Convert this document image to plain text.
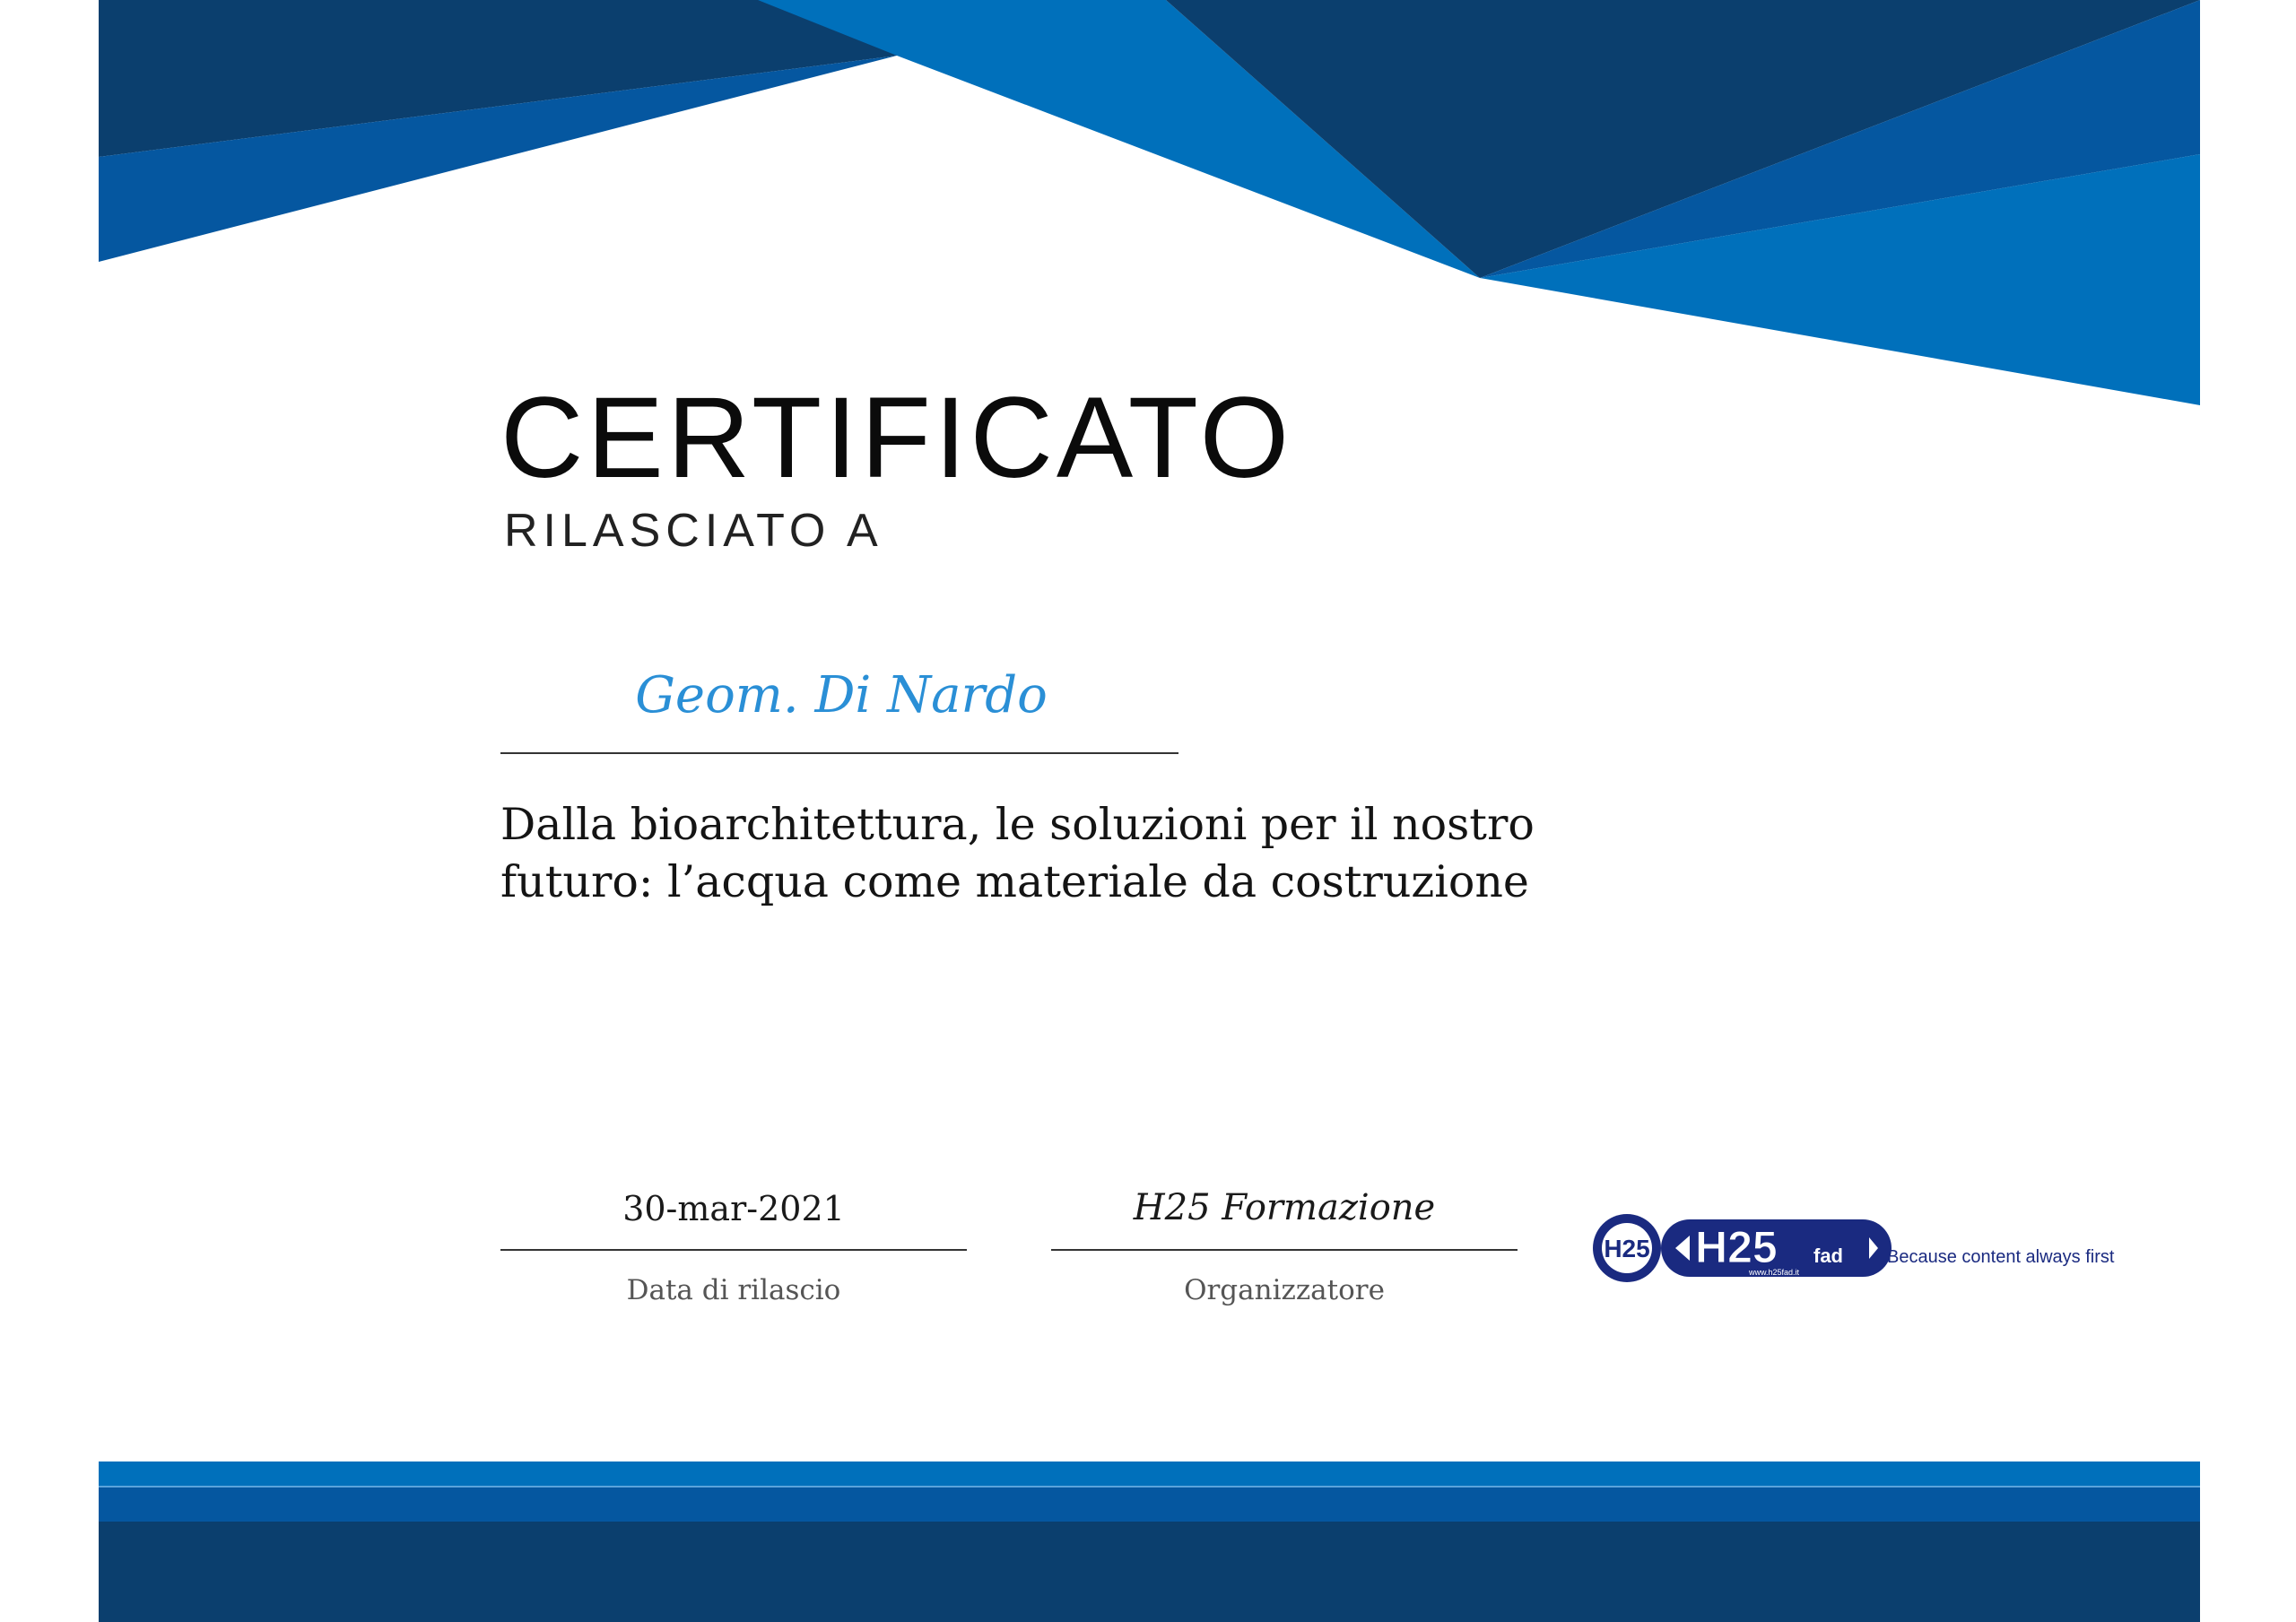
CERTIFICATO
RILASCIATO A
Geom. Di Nardo
Dalla bioarchitettura, le soluzioni per il nostro
futuro: l’acqua come materiale da costruzione
30-mar-2021
Data di rilascio
H25 Formazione
Organizzatore
H25 H25 fad
www.h25fad.it
Because content always first
